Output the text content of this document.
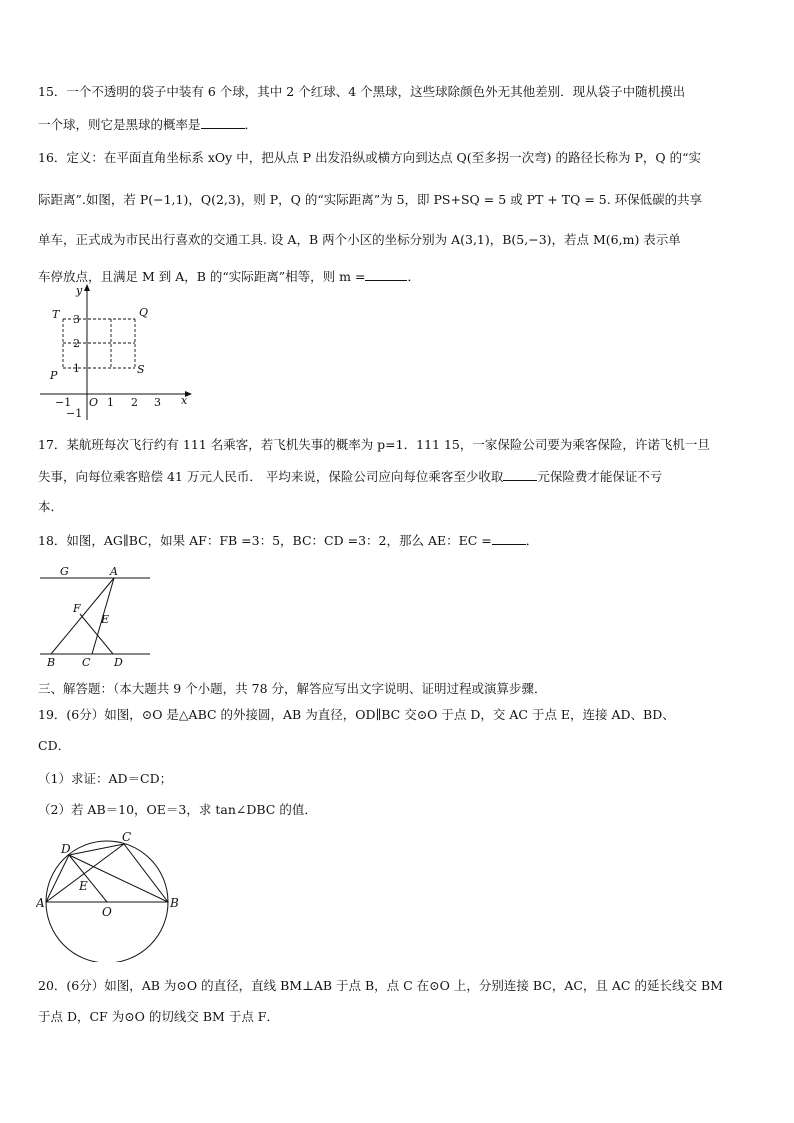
15．一个不透明的袋子中装有 6 个球，其中 2 个红球、4 个黑球，这些球除颜色外无其他差别．现从袋子中随机摸出
一个球，则它是黑球的概率是	．
16．定义：在平面直角坐标系 xOy 中，把从点 P 出发沿纵或横方向到达点 Q(至多拐一次弯) 的路径长称为 P，Q 的“实
际距离”.如图，若 P(−1,1)，Q(2,3)，则 P，Q 的“实际距离”为 5，即 PS+SQ = 5 或 PT + TQ = 5. 环保低碳的共享
单车，正式成为市民出行喜欢的交通工具. 设 A，B 两个小区的坐标分别为 A(3,1)，B(5,−3)，若点 M(6,m) 表示单
车停放点，且满足 M 到 A，B 的“实际距离”相等，则 m =	．
y
x
O
T	Q
P	S
3
2
1
−1
−1	1 2 3
17．某航班每次飞行约有 111 名乘客，若飞机失事的概率为 p=1．111 15，一家保险公司要为乘客保险，许诺飞机一旦
失事，向每位乘客赔偿 41 万元人民币． 平均来说，保险公司应向每位乘客至少收取	元保险费才能保证不亏
本．
18．如图，AG∥BC，如果 AF：FB =3：5，BC：CD =3：2，那么 AE：EC =	．
G	A
F
E
B C D
三、解答题：（本大题共 9 个小题，共 78 分，解答应写出文字说明、证明过程或演算步骤．
19．(6分）如图，⊙O 是△ABC 的外接圆，AB 为直径，OD∥BC 交⊙O 于点 D，交 AC 于点 E，连接 AD、BD、
CD．
（1）求证：AD＝CD；
（2）若 AB＝10，OE＝3，求 tan∠DBC 的值．
A	B
C
D
E
O
20．(6分）如图，AB 为⊙O 的直径，直线 BM⊥AB 于点 B，点 C 在⊙O 上，分别连接 BC，AC，且 AC 的延长线交 BM
于点 D，CF 为⊙O 的切线交 BM 于点 F．
